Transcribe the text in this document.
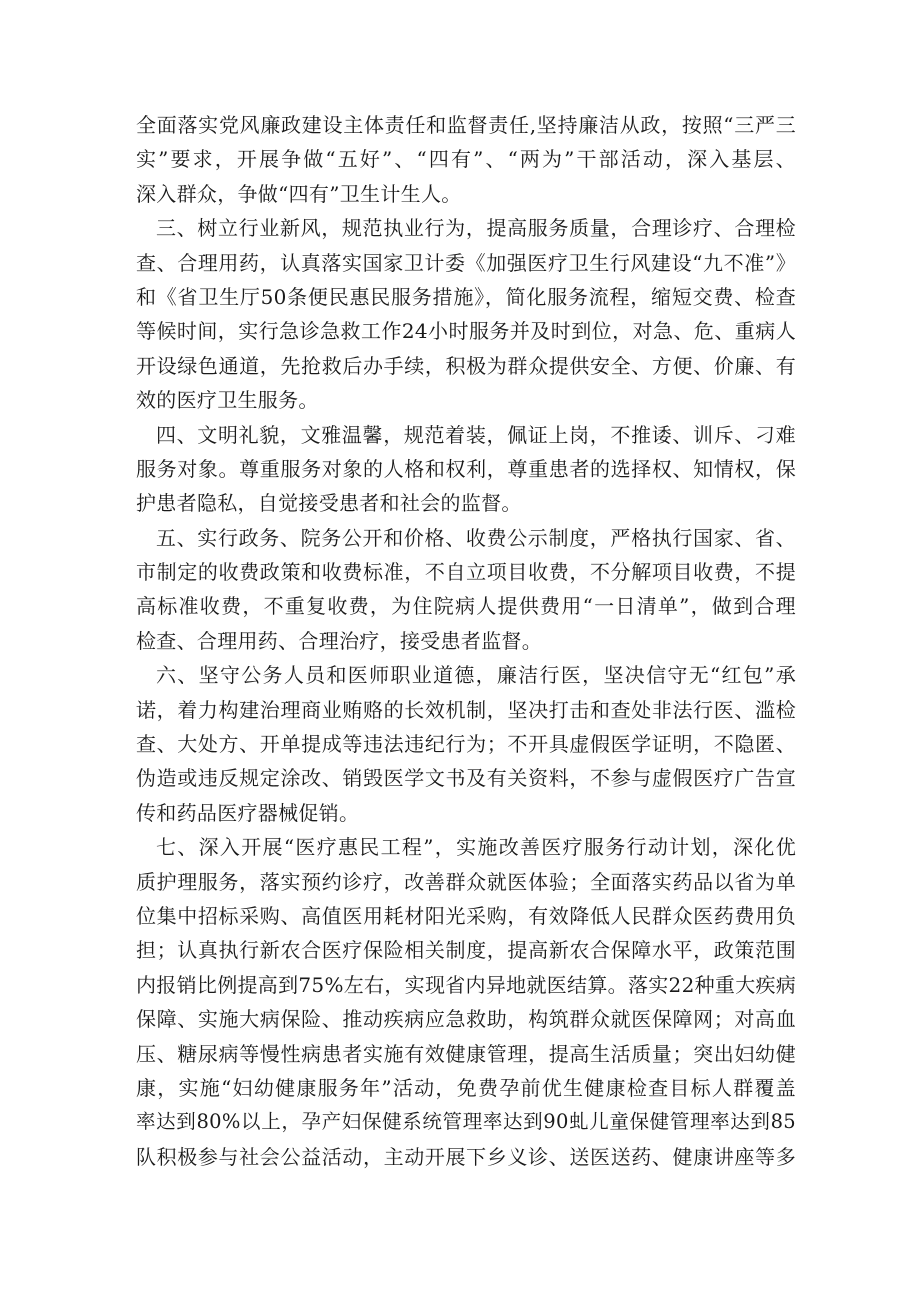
全面落实党风廉政建设主体责任和监督责任,坚持廉洁从政，按照“三严三
实”要求，开展争做“五好”、“四有”、“两为”干部活动，深入基层、
深入群众，争做“四有”卫生计生人。
三、树立行业新风，规范执业行为，提高服务质量，合理诊疗、合理检
查、合理用药，认真落实国家卫计委《加强医疗卫生行风建设“九不准”》
和《省卫生厅50条便民惠民服务措施》，简化服务流程，缩短交费、检查
等候时间，实行急诊急救工作24小时服务并及时到位，对急、危、重病人
开设绿色通道，先抢救后办手续，积极为群众提供安全、方便、价廉、有
效的医疗卫生服务。
四、文明礼貌，文雅温馨，规范着装，佩证上岗，不推诿、训斥、刁难
服务对象。尊重服务对象的人格和权利，尊重患者的选择权、知情权，保
护患者隐私，自觉接受患者和社会的监督。
五、实行政务、院务公开和价格、收费公示制度，严格执行国家、省、
市制定的收费政策和收费标准，不自立项目收费，不分解项目收费，不提
高标准收费，不重复收费，为住院病人提供费用“一日清单”，做到合理
检查、合理用药、合理治疗，接受患者监督。
六、坚守公务人员和医师职业道德，廉洁行医，坚决信守无“红包”承
诺，着力构建治理商业贿赂的长效机制，坚决打击和查处非法行医、滥检
查、大处方、开单提成等违法违纪行为；不开具虚假医学证明，不隐匿、
伪造或违反规定涂改、销毁医学文书及有关资料，不参与虚假医疗广告宣
传和药品医疗器械促销。
七、深入开展“医疗惠民工程”，实施改善医疗服务行动计划，深化优
质护理服务，落实预约诊疗，改善群众就医体验；全面落实药品以省为单
位集中招标采购、高值医用耗材阳光采购，有效降低人民群众医药费用负
担；认真执行新农合医疗保险相关制度，提高新农合保障水平，政策范围
内报销比例提高到75%左右，实现省内异地就医结算。落实22种重大疾病
保障、实施大病保险、推动疾病应急救助，构筑群众就医保障网；对高血
压、糖尿病等慢性病患者实施有效健康管理，提高生活质量；突出妇幼健
康，实施“妇幼健康服务年”活动，免费孕前优生健康检查目标人群覆盖
率达到80%以上，孕产妇保健系统管理率达到90虬儿童保健管理率达到85
队积极参与社会公益活动，主动开展下乡义诊、送医送药、健康讲座等多
